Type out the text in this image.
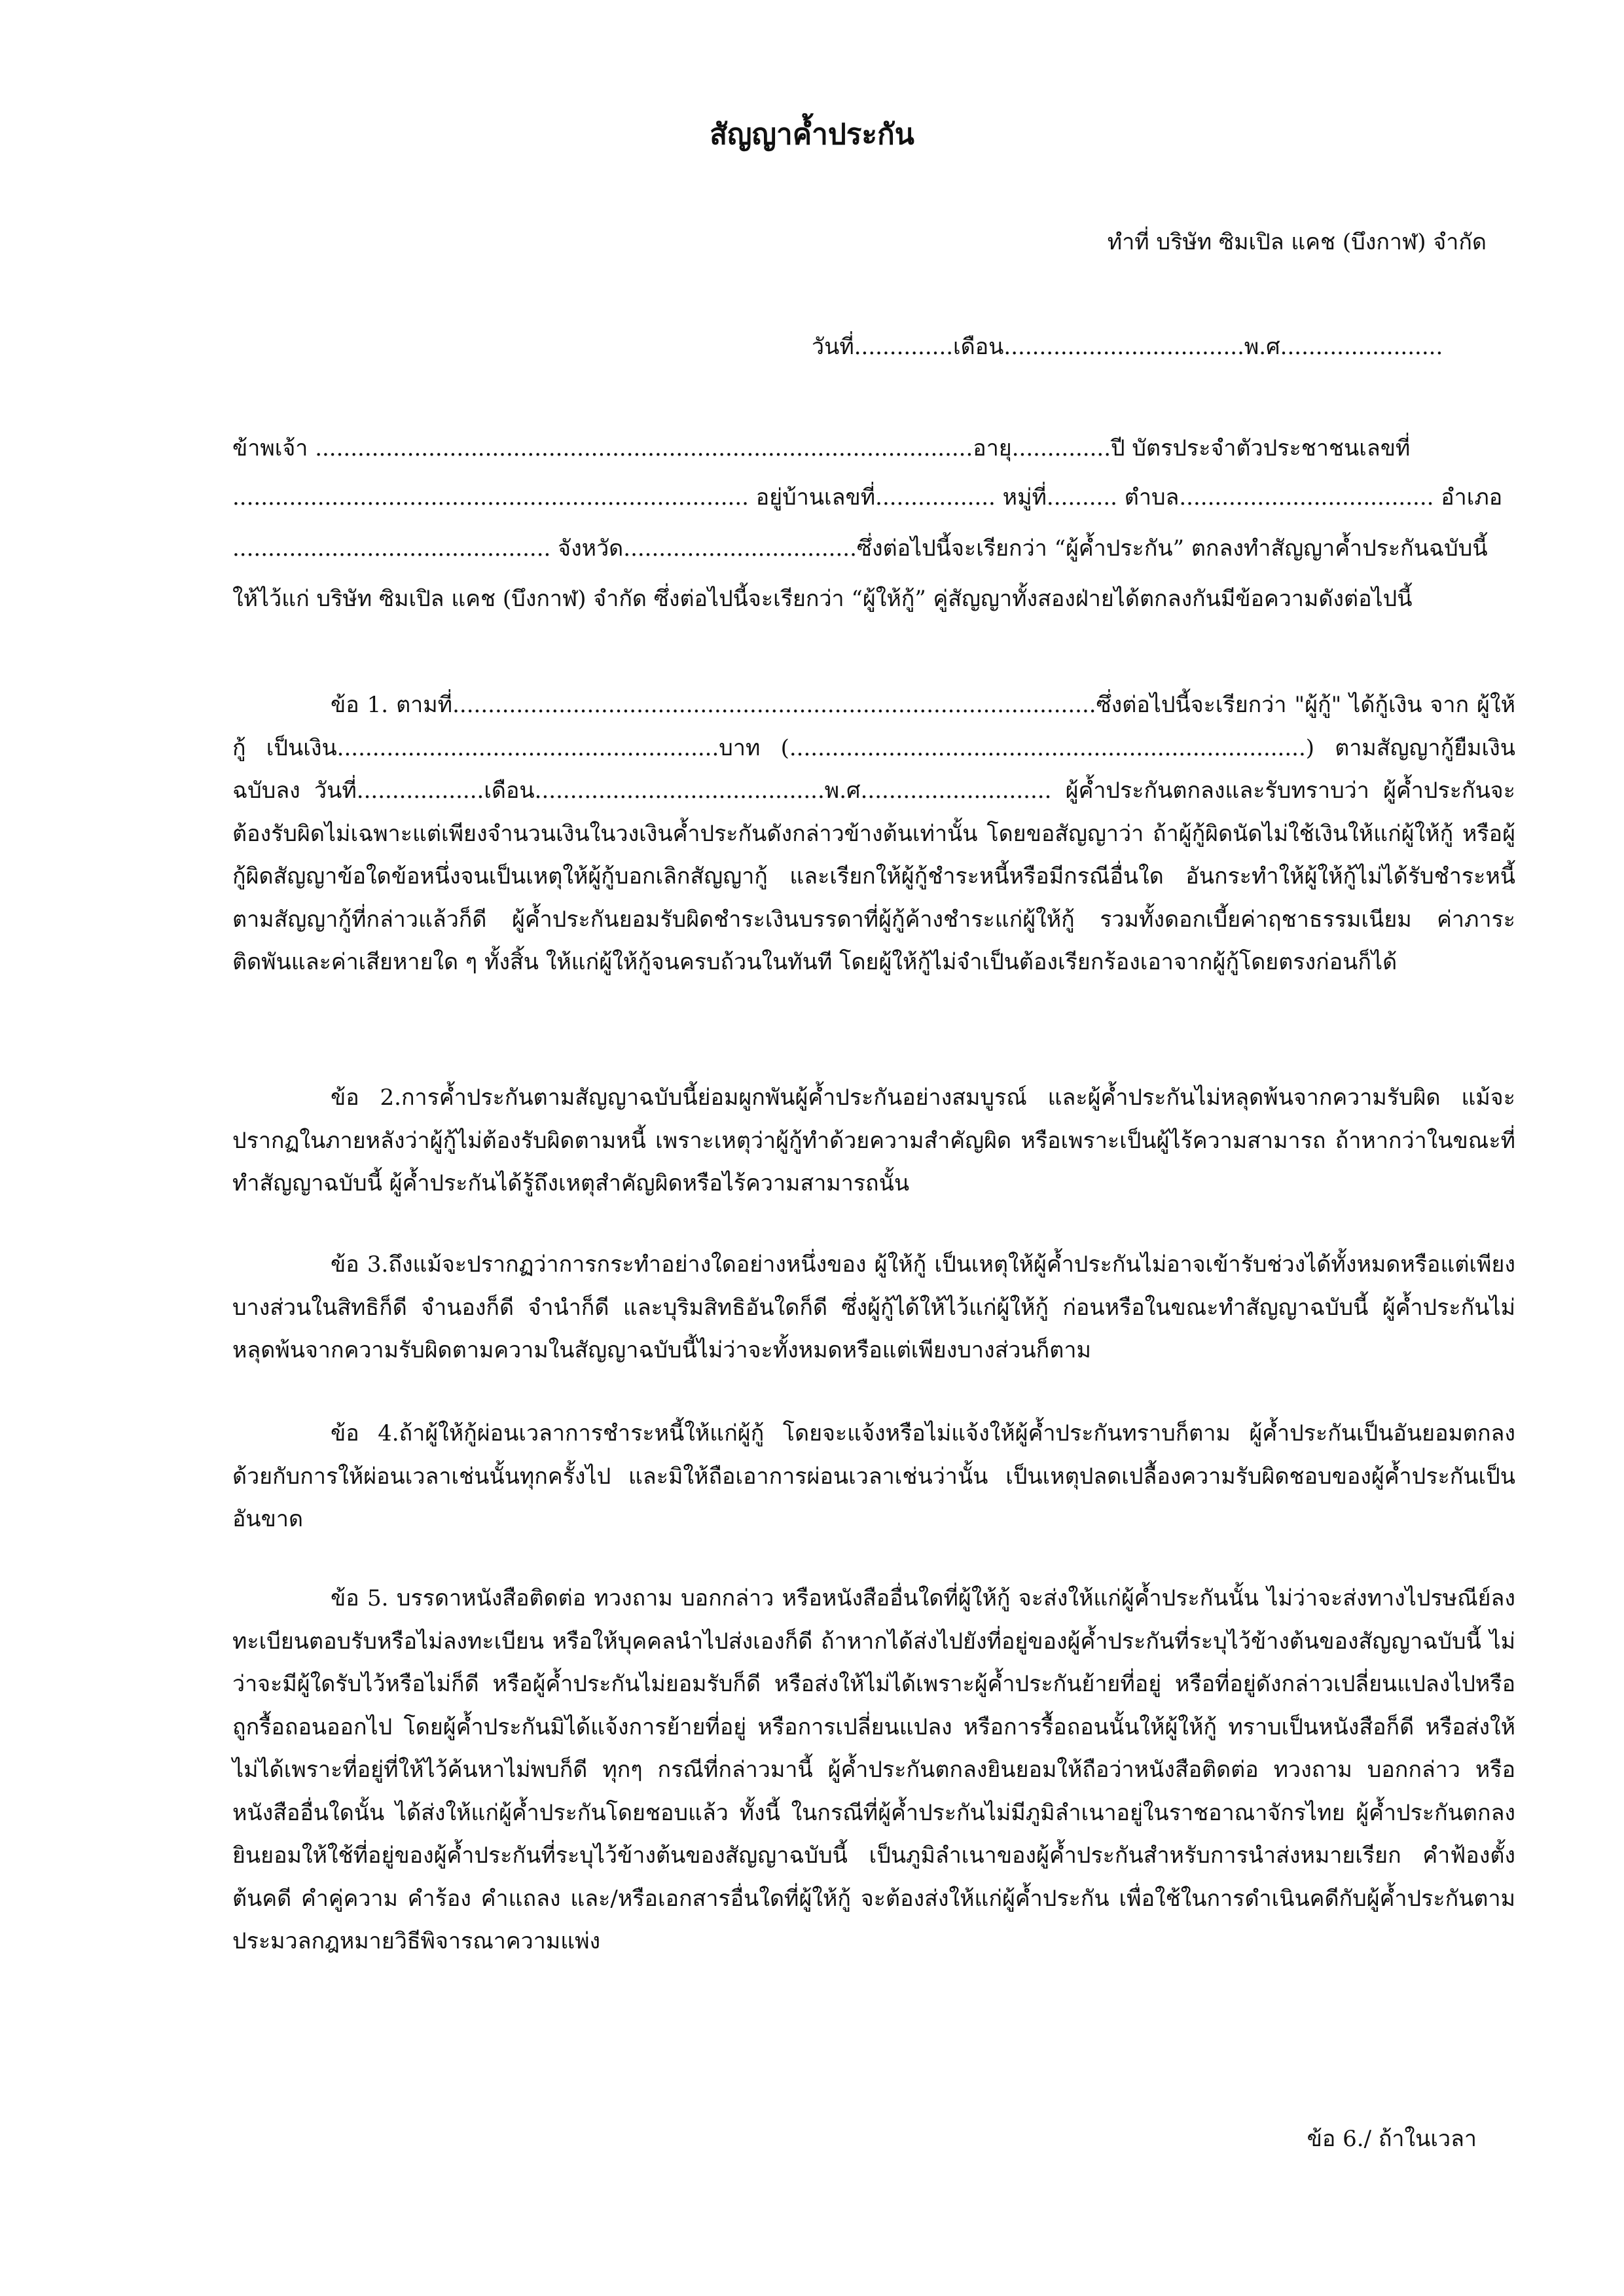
สัญญาค้ำประกัน
ทำที่ บริษัท ซิมเปิล แคช (บึงกาฬ) จำกัด
วันที่..............เดือน..................................พ.ศ.......................
ข้าพเจ้า .............................................................................................อายุ..............ปี บัตรประจำตัวประชาชนเลขที่
......................................................................... อยู่บ้านเลขที่................. หมู่ที่.......... ตำบล.................................... อำเภอ
............................................. จังหวัด.................................ซึ่งต่อไปนี้จะเรียกว่า “ผู้ค้ำประกัน” ตกลงทำสัญญาค้ำประกันฉบับนี้
ให้ไว้แก่ บริษัท ซิมเปิล แคช (บึงกาฬ) จำกัด ซึ่งต่อไปนี้จะเรียกว่า “ผู้ให้กู้” คู่สัญญาทั้งสองฝ่ายได้ตกลงกันมีข้อความดังต่อไปนี้
ข้อ 1. ตามที่...........................................................................................ซึ่งต่อไปนี้จะเรียกว่า "ผู้กู้" ได้กู้เงิน จาก ผู้ให้กู้ เป็นเงิน......................................................บาท (.........................................................................) ตามสัญญากู้ยืมเงินฉบับลง วันที่..................เดือน.........................................พ.ศ........................... ผู้ค้ำประกันตกลงและรับทราบว่า ผู้ค้ำประกันจะต้องรับผิดไม่เฉพาะแต่เพียงจำนวนเงินในวงเงินค้ำประกันดังกล่าวข้างต้นเท่านั้น โดยขอสัญญาว่า ถ้าผู้กู้ผิดนัดไม่ใช้เงินให้แก่ผู้ให้กู้ หรือผู้กู้ผิดสัญญาข้อใดข้อหนึ่งจนเป็นเหตุให้ผู้กู้บอกเลิกสัญญากู้ และเรียกให้ผู้กู้ชำระหนี้หรือมีกรณีอื่นใด อันกระทำให้ผู้ให้กู้ไม่ได้รับชำระหนี้ตามสัญญากู้ที่กล่าวแล้วก็ดี ผู้ค้ำประกันยอมรับผิดชำระเงินบรรดาที่ผู้กู้ค้างชำระแก่ผู้ให้กู้ รวมทั้งดอกเบี้ยค่าฤชาธรรมเนียม ค่าภาระติดพันและค่าเสียหายใด ๆ ทั้งสิ้น ให้แก่ผู้ให้กู้จนครบถ้วนในทันที โดยผู้ให้กู้ไม่จำเป็นต้องเรียกร้องเอาจากผู้กู้โดยตรงก่อนก็ได้
ข้อ 2.การค้ำประกันตามสัญญาฉบับนี้ย่อมผูกพันผู้ค้ำประกันอย่างสมบูรณ์ และผู้ค้ำประกันไม่หลุดพ้นจากความรับผิด แม้จะปรากฏในภายหลังว่าผู้กู้ไม่ต้องรับผิดตามหนี้ เพราะเหตุว่าผู้กู้ทำด้วยความสำคัญผิด หรือเพราะเป็นผู้ไร้ความสามารถ ถ้าหากว่าในขณะที่ทำสัญญาฉบับนี้ ผู้ค้ำประกันได้รู้ถึงเหตุสำคัญผิดหรือไร้ความสามารถนั้น
ข้อ 3.ถึงแม้จะปรากฏว่าการกระทำอย่างใดอย่างหนึ่งของ ผู้ให้กู้ เป็นเหตุให้ผู้ค้ำประกันไม่อาจเข้ารับช่วงได้ทั้งหมดหรือแต่เพียงบางส่วนในสิทธิก็ดี จำนองก็ดี จำนำก็ดี และบุริมสิทธิอันใดก็ดี ซึ่งผู้กู้ได้ให้ไว้แก่ผู้ให้กู้ ก่อนหรือในขณะทำสัญญาฉบับนี้ ผู้ค้ำประกันไม่หลุดพ้นจากความรับผิดตามความในสัญญาฉบับนี้ไม่ว่าจะทั้งหมดหรือแต่เพียงบางส่วนก็ตาม
ข้อ 4.ถ้าผู้ให้กู้ผ่อนเวลาการชำระหนี้ให้แก่ผู้กู้ โดยจะแจ้งหรือไม่แจ้งให้ผู้ค้ำประกันทราบก็ตาม ผู้ค้ำประกันเป็นอันยอมตกลงด้วยกับการให้ผ่อนเวลาเช่นนั้นทุกครั้งไป และมิให้ถือเอาการผ่อนเวลาเช่นว่านั้น เป็นเหตุปลดเปลื้องความรับผิดชอบของผู้ค้ำประกันเป็นอันขาด
ข้อ 5. บรรดาหนังสือติดต่อ ทวงถาม บอกกล่าว หรือหนังสืออื่นใดที่ผู้ให้กู้ จะส่งให้แก่ผู้ค้ำประกันนั้น ไม่ว่าจะส่งทางไปรษณีย์ลงทะเบียนตอบรับหรือไม่ลงทะเบียน หรือให้บุคคลนำไปส่งเองก็ดี ถ้าหากได้ส่งไปยังที่อยู่ของผู้ค้ำประกันที่ระบุไว้ข้างต้นของสัญญาฉบับนี้ ไม่ว่าจะมีผู้ใดรับไว้หรือไม่ก็ดี หรือผู้ค้ำประกันไม่ยอมรับก็ดี หรือส่งให้ไม่ได้เพราะผู้ค้ำประกันย้ายที่อยู่ หรือที่อยู่ดังกล่าวเปลี่ยนแปลงไปหรือถูกรื้อถอนออกไป โดยผู้ค้ำประกันมิได้แจ้งการย้ายที่อยู่ หรือการเปลี่ยนแปลง หรือการรื้อถอนนั้นให้ผู้ให้กู้ ทราบเป็นหนังสือก็ดี หรือส่งให้ไม่ได้เพราะที่อยู่ที่ให้ไว้ค้นหาไม่พบก็ดี ทุกๆ กรณีที่กล่าวมานี้ ผู้ค้ำประกันตกลงยินยอมให้ถือว่าหนังสือติดต่อ ทวงถาม บอกกล่าว หรือหนังสืออื่นใดนั้น ได้ส่งให้แก่ผู้ค้ำประกันโดยชอบแล้ว ทั้งนี้ ในกรณีที่ผู้ค้ำประกันไม่มีภูมิลำเนาอยู่ในราชอาณาจักรไทย ผู้ค้ำประกันตกลงยินยอมให้ใช้ที่อยู่ของผู้ค้ำประกันที่ระบุไว้ข้างต้นของสัญญาฉบับนี้ เป็นภูมิลำเนาของผู้ค้ำประกันสำหรับการนำส่งหมายเรียก คำฟ้องตั้งต้นคดี คำคู่ความ คำร้อง คำแถลง และ/หรือเอกสารอื่นใดที่ผู้ให้กู้ จะต้องส่งให้แก่ผู้ค้ำประกัน เพื่อใช้ในการดำเนินคดีกับผู้ค้ำประกันตามประมวลกฎหมายวิธีพิจารณาความแพ่ง
ข้อ 6./ ถ้าในเวลา
